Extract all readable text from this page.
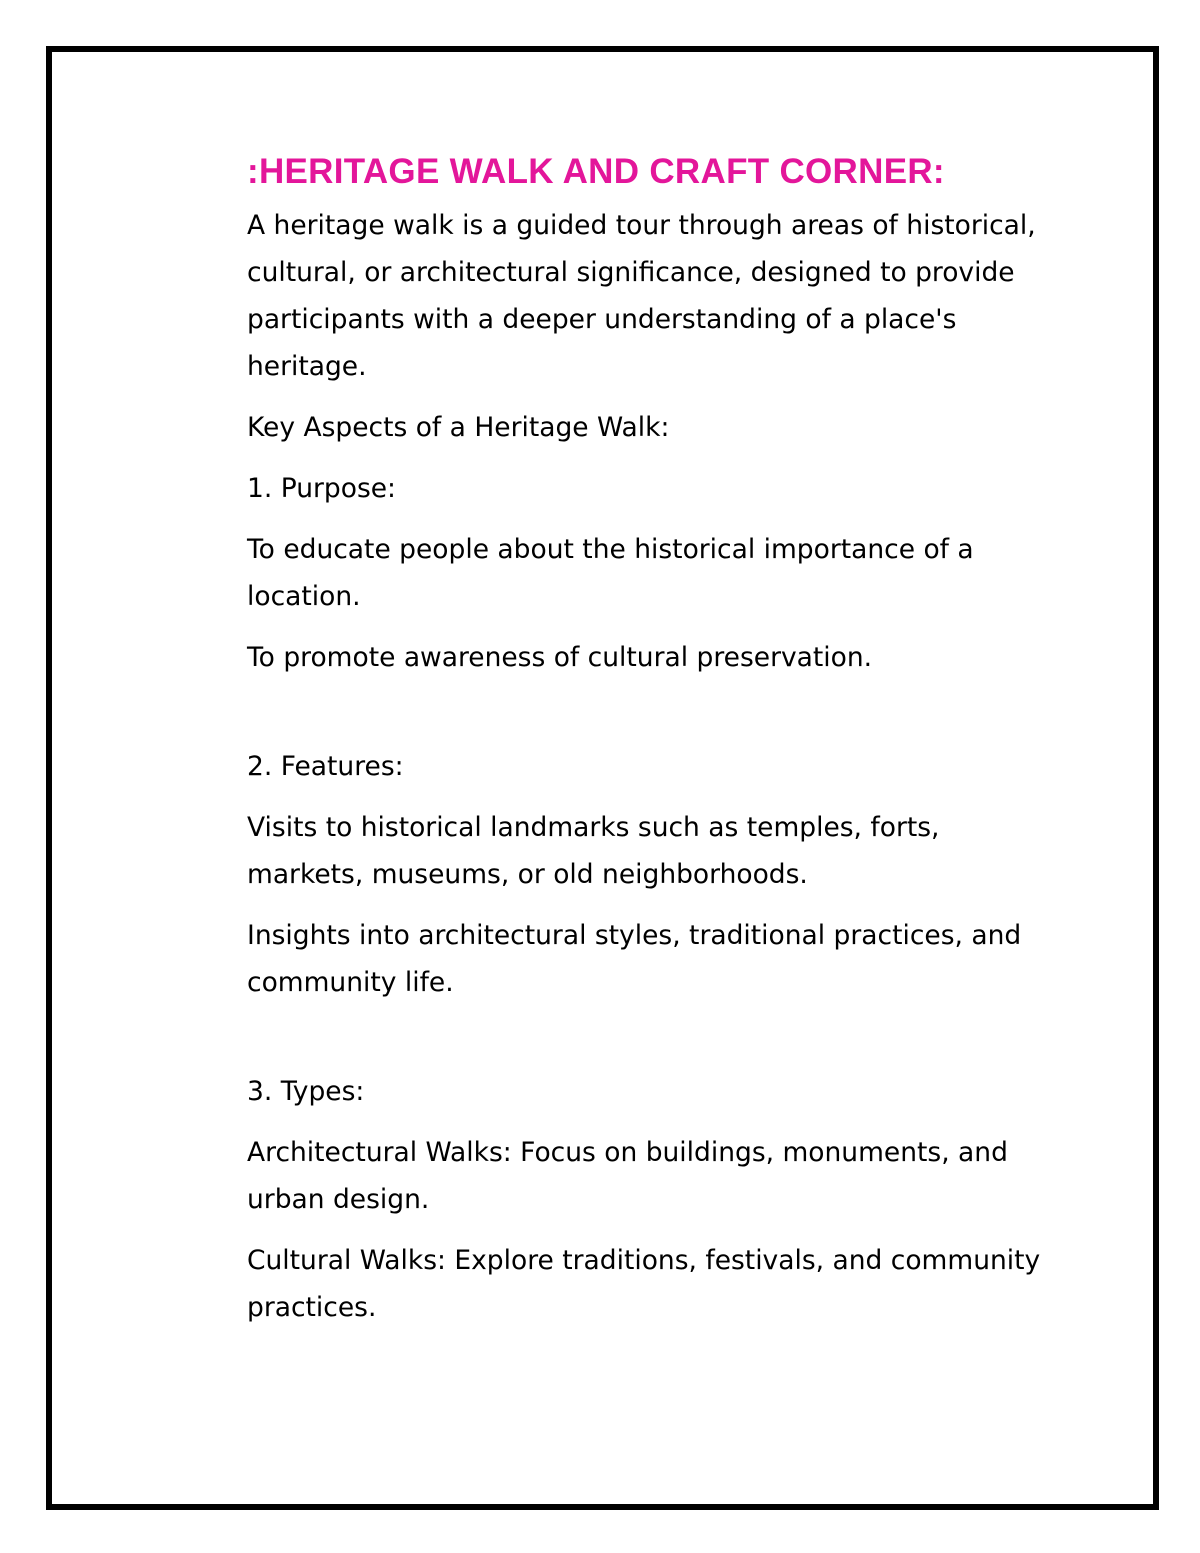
:HERITAGE WALK AND CRAFT CORNER:

A heritage walk is a guided tour through areas of historical, cultural, or architectural significance, designed to provide participants with a deeper understanding of a place's heritage.

Key Aspects of a Heritage Walk:

1. Purpose:

To educate people about the historical importance of a location.

To promote awareness of cultural preservation.

2. Features:

Visits to historical landmarks such as temples, forts, markets, museums, or old neighborhoods.

Insights into architectural styles, traditional practices, and community life.

3. Types:

Architectural Walks: Focus on buildings, monuments, and urban design.

Cultural Walks: Explore traditions, festivals, and community practices.
